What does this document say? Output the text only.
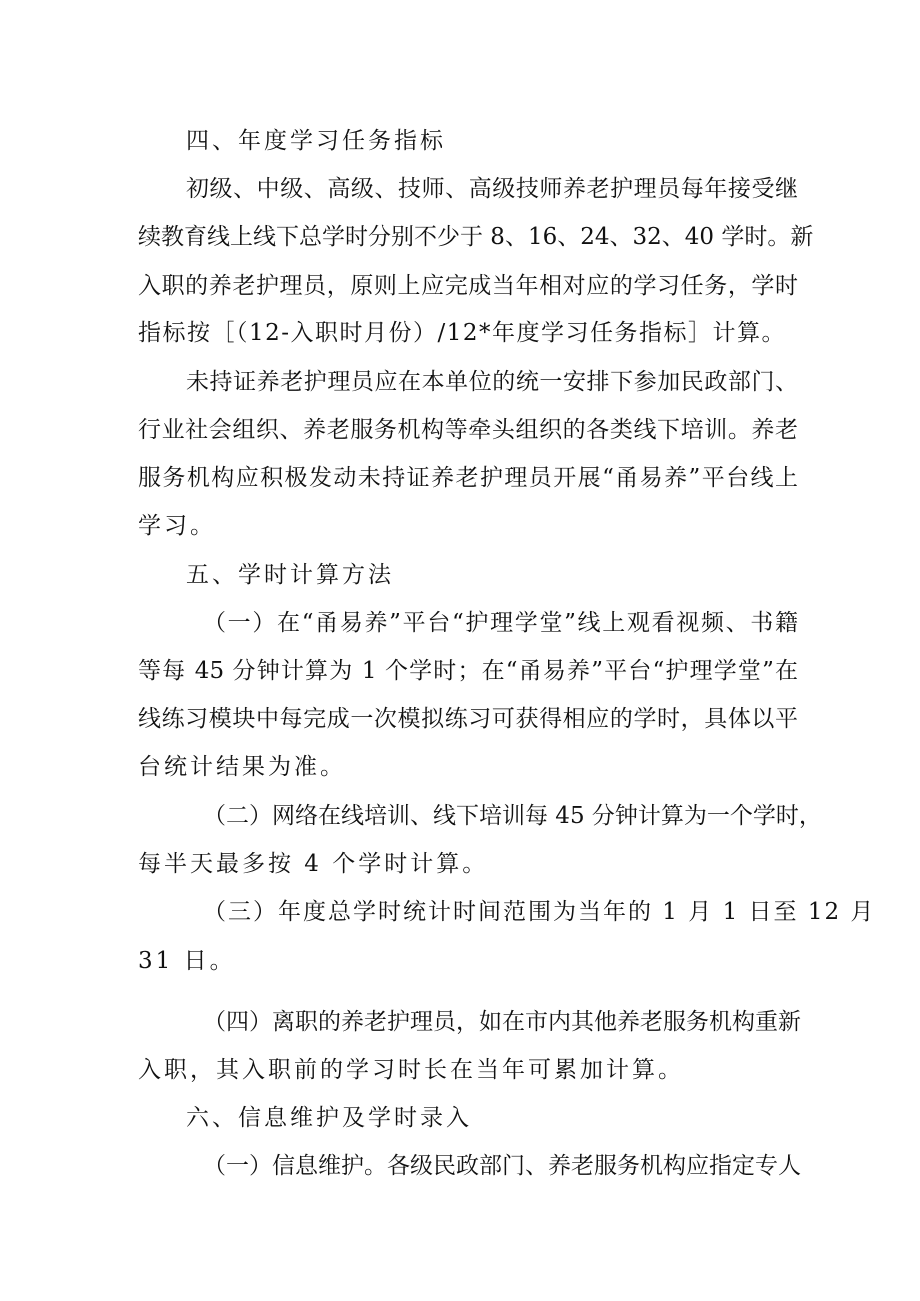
四、年度学习任务指标
初级、中级、高级、技师、高级技师养老护理员每年接受继
续教育线上线下总学时分别不少于 8、16、24、32、40 学时。新
入职的养老护理员，原则上应完成当年相对应的学习任务，学时
指标按［（12-入职时月份）/12*年度学习任务指标］计算。
未持证养老护理员应在本单位的统一安排下参加民政部门、
行业社会组织、养老服务机构等牵头组织的各类线下培训。养老
服务机构应积极发动未持证养老护理员开展“甬易养”平台线上
学习。
五、学时计算方法
（一）在“甬易养”平台“护理学堂”线上观看视频、书籍
等每 45 分钟计算为 1 个学时；在“甬易养”平台“护理学堂”在
线练习模块中每完成一次模拟练习可获得相应的学时，具体以平
台统计结果为准。
（二）网络在线培训、线下培训每 45 分钟计算为一个学时，
每半天最多按 4 个学时计算。
（三）年度总学时统计时间范围为当年的 1 月 1 日至 12 月
31 日。
（四）离职的养老护理员，如在市内其他养老服务机构重新
入职，其入职前的学习时长在当年可累加计算。
六、信息维护及学时录入
（一）信息维护。各级民政部门、养老服务机构应指定专人
